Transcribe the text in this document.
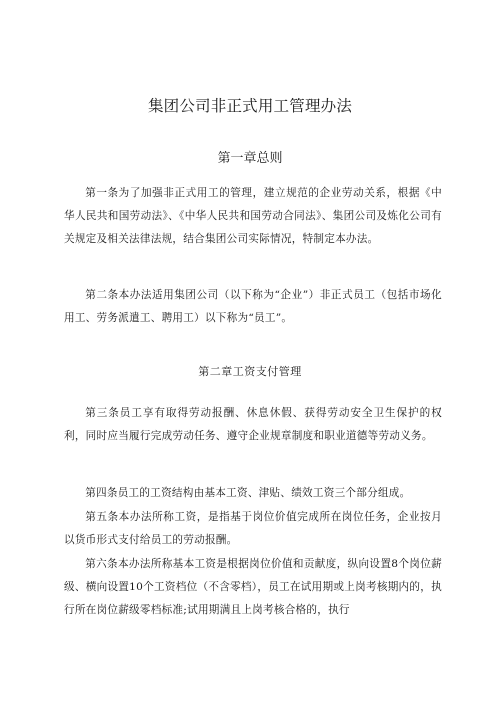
集团公司非正式用工管理办法
第一章总则

第一条为了加强非正式用工的管理，建立规范的企业劳动关系，根据《中华人民共和国劳动法》、《中华人民共和国劳动合同法》、集团公司及炼化公司有关规定及相关法律法规，结合集团公司实际情况，特制定本办法。

第二条本办法适用集团公司（以下称为“企业”）非正式员工（包括市场化用工、劳务派遣工、聘用工）以下称为“员工”。

第二章工资支付管理

第三条员工享有取得劳动报酬、休息休假、获得劳动安全卫生保护的权利，同时应当履行完成劳动任务、遵守企业规章制度和职业道德等劳动义务。

第四条员工的工资结构由基本工资、津贴、绩效工资三个部分组成。

第五条本办法所称工资，是指基于岗位价值完成所在岗位任务，企业按月以货币形式支付给员工的劳动报酬。

第六条本办法所称基本工资是根据岗位价值和贡献度，纵向设置8个岗位薪级、横向设置10个工资档位（不含零档），员工在试用期或上岗考核期内的，执行所在岗位薪级零档标准;试用期满且上岗考核合格的，执行
